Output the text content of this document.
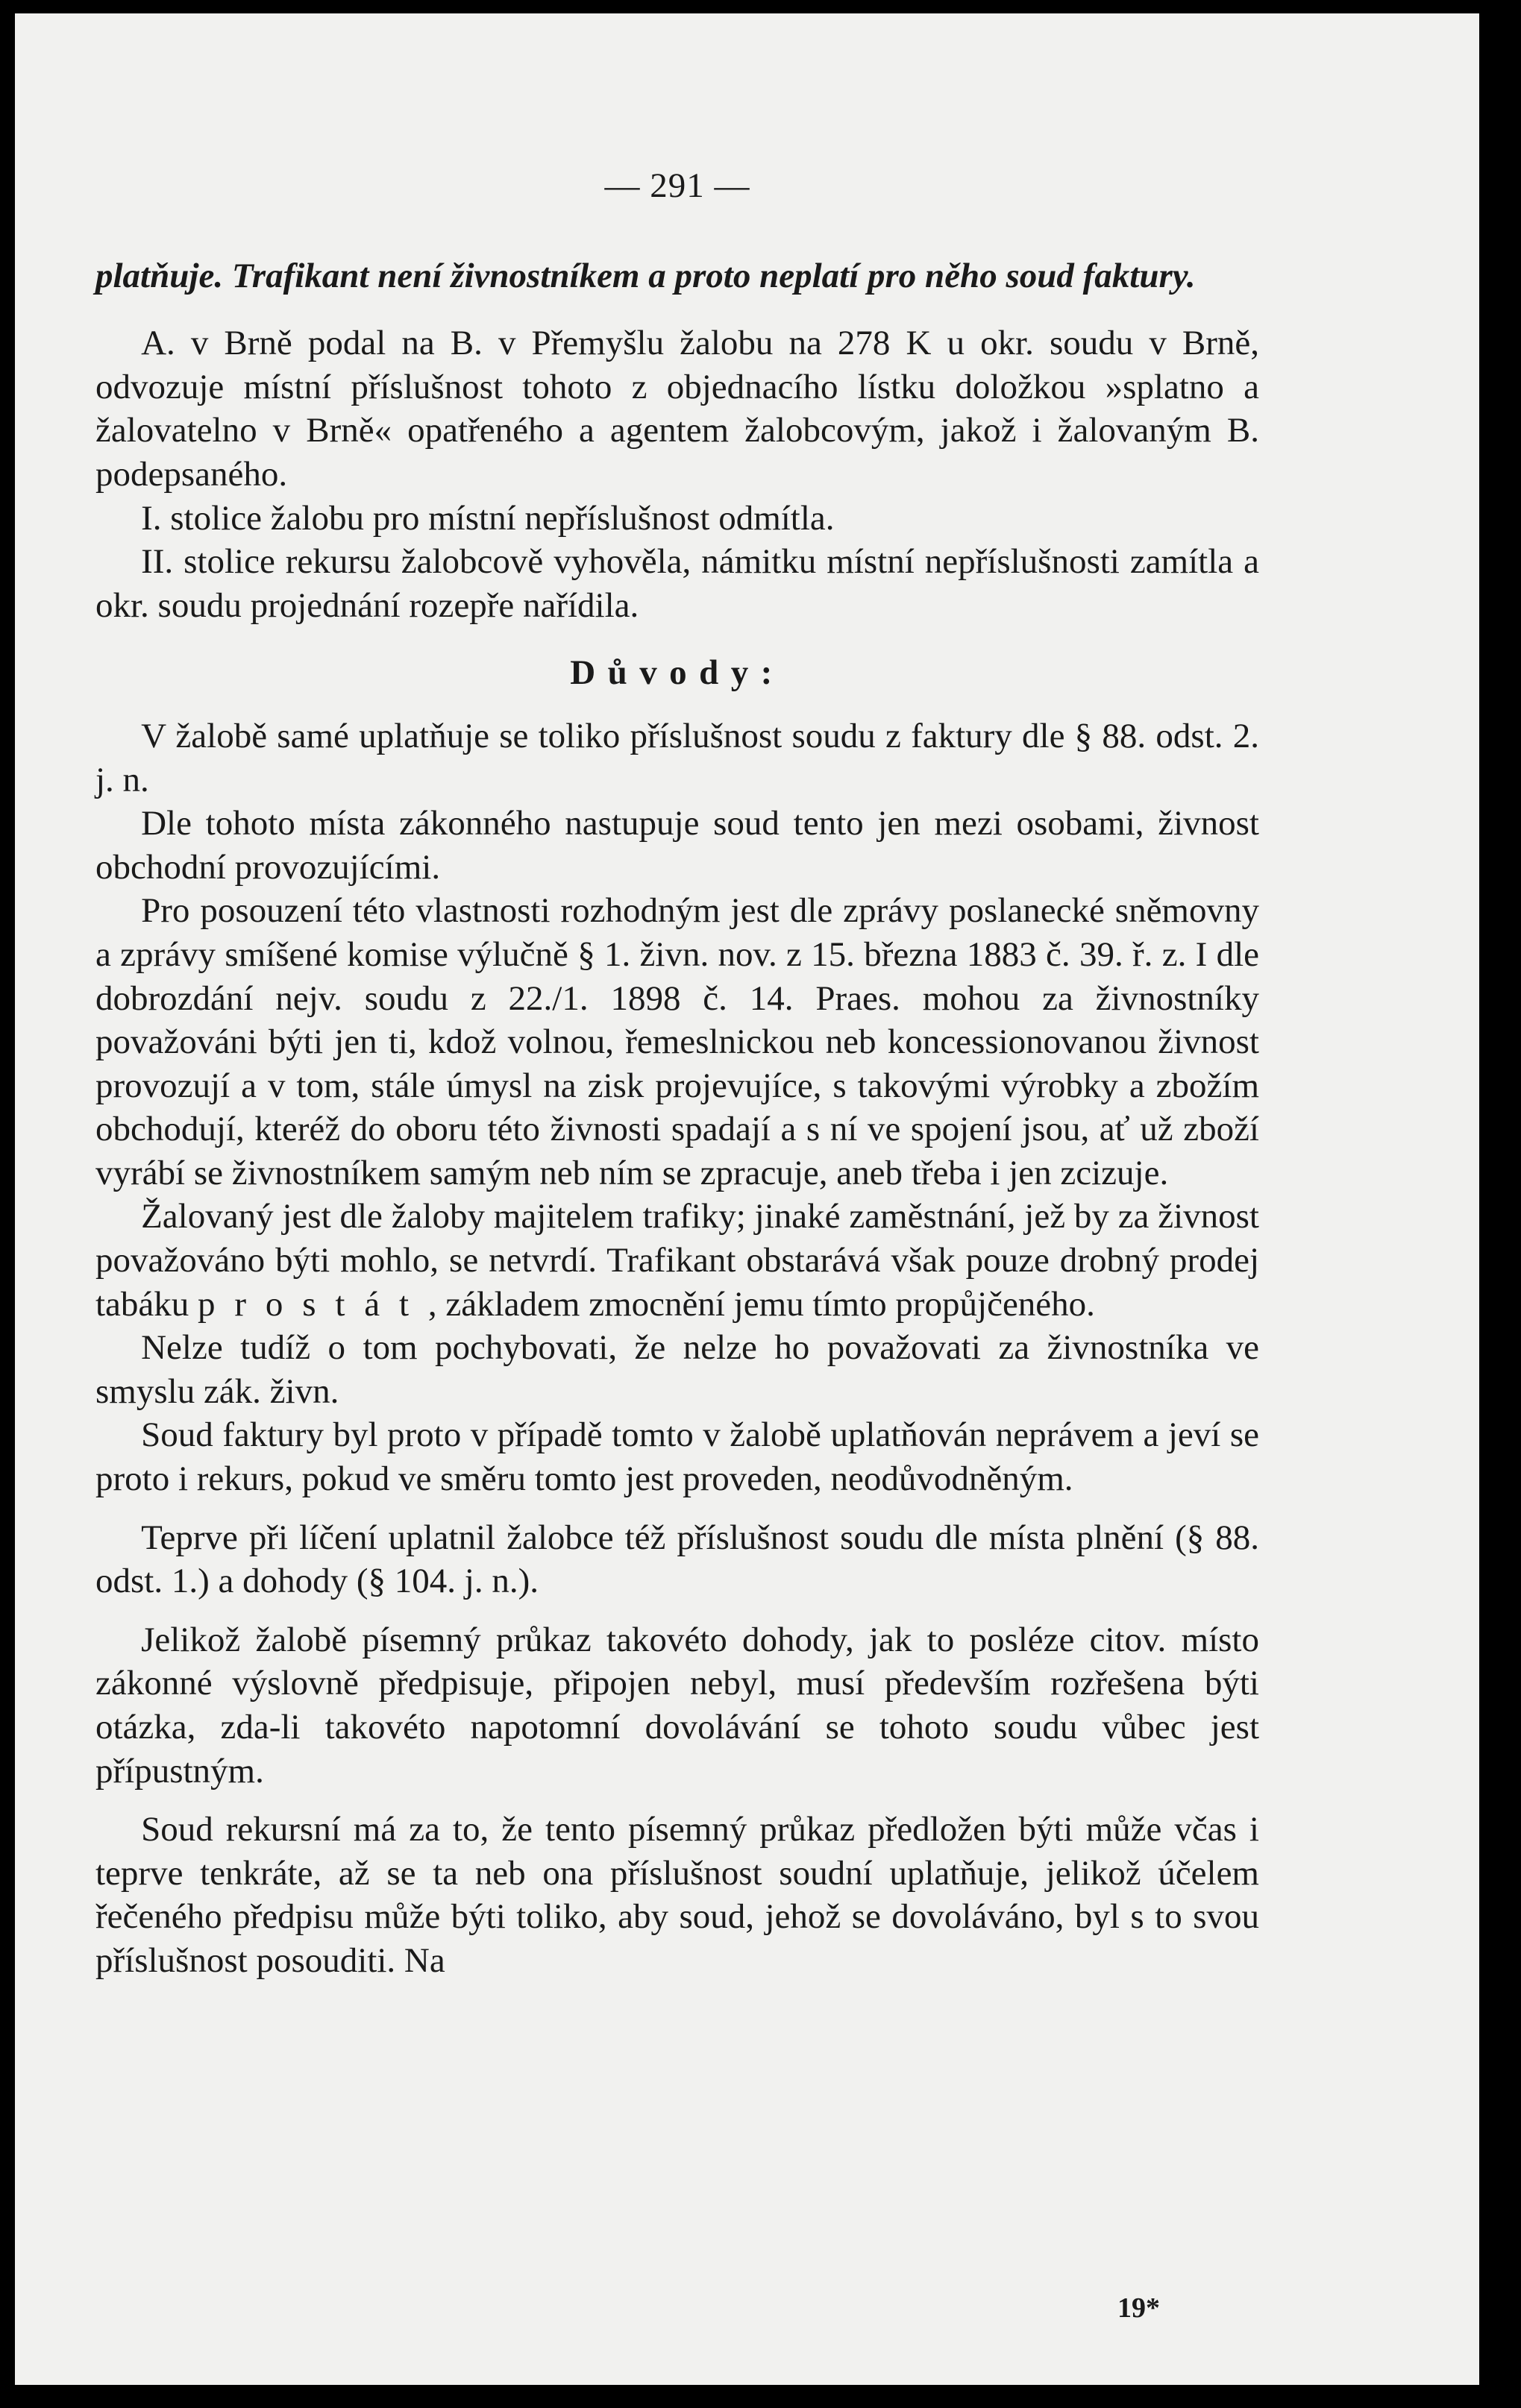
— 291 —
platňuje. Trafikant není živnostníkem a proto neplatí pro něho soud faktury.

A. v Brně podal na B. v Přemyšlu žalobu na 278 K u okr. soudu v Brně, odvozuje místní příslušnost tohoto z objednacího lístku doložkou »splatno a žalovatelno v Brně« opatřeného a agentem žalobcovým, jakož i žalovaným B. podepsaného.

I. stolice žalobu pro místní nepříslušnost odmítla.

II. stolice rekursu žalobcově vyhověla, námitku místní nepříslušnosti zamítla a okr. soudu projednání rozepře nařídila.

Důvody:

V žalobě samé uplatňuje se toliko příslušnost soudu z faktury dle § 88. odst. 2. j. n.

Dle tohoto místa zákonného nastupuje soud tento jen mezi osobami, živnost obchodní provozujícími.

Pro posouzení této vlastnosti rozhodným jest dle zprávy poslanecké sněmovny a zprávy smíšené komise výlučně § 1. živn. nov. z 15. března 1883 č. 39. ř. z. I dle dobrozdání nejv. soudu z 22./1. 1898 č. 14. Praes. mohou za živnostníky považováni býti jen ti, kdož volnou, řemeslnickou neb koncessionovanou živnost provozují a v tom, stále úmysl na zisk projevujíce, s takovými výrobky a zbožím obchodují, kteréž do oboru této živnosti spadají a s ní ve spojení jsou, ať už zboží vyrábí se živnostníkem samým neb ním se zpracuje, aneb třeba i jen zcizuje.

Žalovaný jest dle žaloby majitelem trafiky; jinaké zaměstnání, jež by za živnost považováno býti mohlo, se netvrdí. Trafikant obstarává však pouze drobný prodej tabáku prostát, základem zmocnění jemu tímto propůjčeného.

Nelze tudíž o tom pochybovati, že nelze ho považovati za živnostníka ve smyslu zák. živn.

Soud faktury byl proto v případě tomto v žalobě uplatňován neprávem a jeví se proto i rekurs, pokud ve směru tomto jest proveden, neodůvodněným.

Teprve při líčení uplatnil žalobce též příslušnost soudu dle místa plnění (§ 88. odst. 1.) a dohody (§ 104. j. n.).

Jelikož žalobě písemný průkaz takovéto dohody, jak to posléze citov. místo zákonné výslovně předpisuje, připojen nebyl, musí především rozřešena býti otázka, zda-li takovéto napotomní dovolávání se tohoto soudu vůbec jest přípustným.

Soud rekursní má za to, že tento písemný průkaz předložen býti může včas i teprve tenkráte, až se ta neb ona příslušnost soudní uplatňuje, jelikož účelem řečeného předpisu může býti toliko, aby soud, jehož se dovoláváno, byl s to svou příslušnost posouditi. Na

19*
